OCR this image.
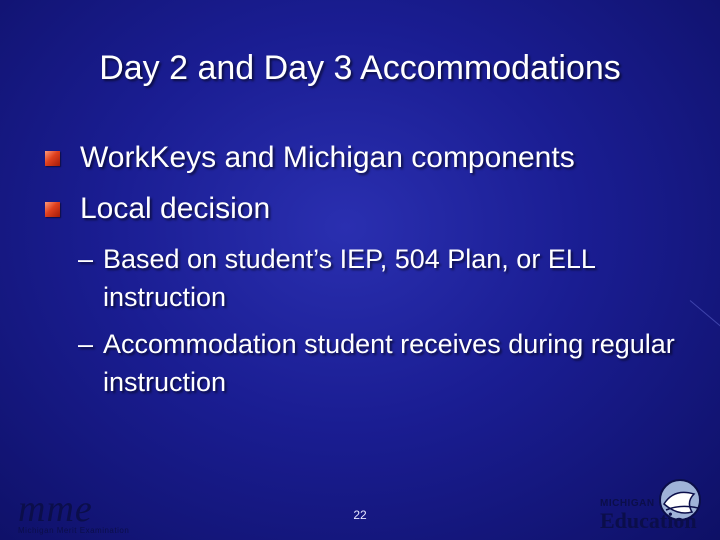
Day 2 and Day 3 Accommodations
WorkKeys and Michigan components
Local decision
– Based on student’s IEP, 504 Plan, or ELL instruction
– Accommodation student receives during regular instruction
mme
Michigan Merit Examination
22
MICHIGAN
Education
